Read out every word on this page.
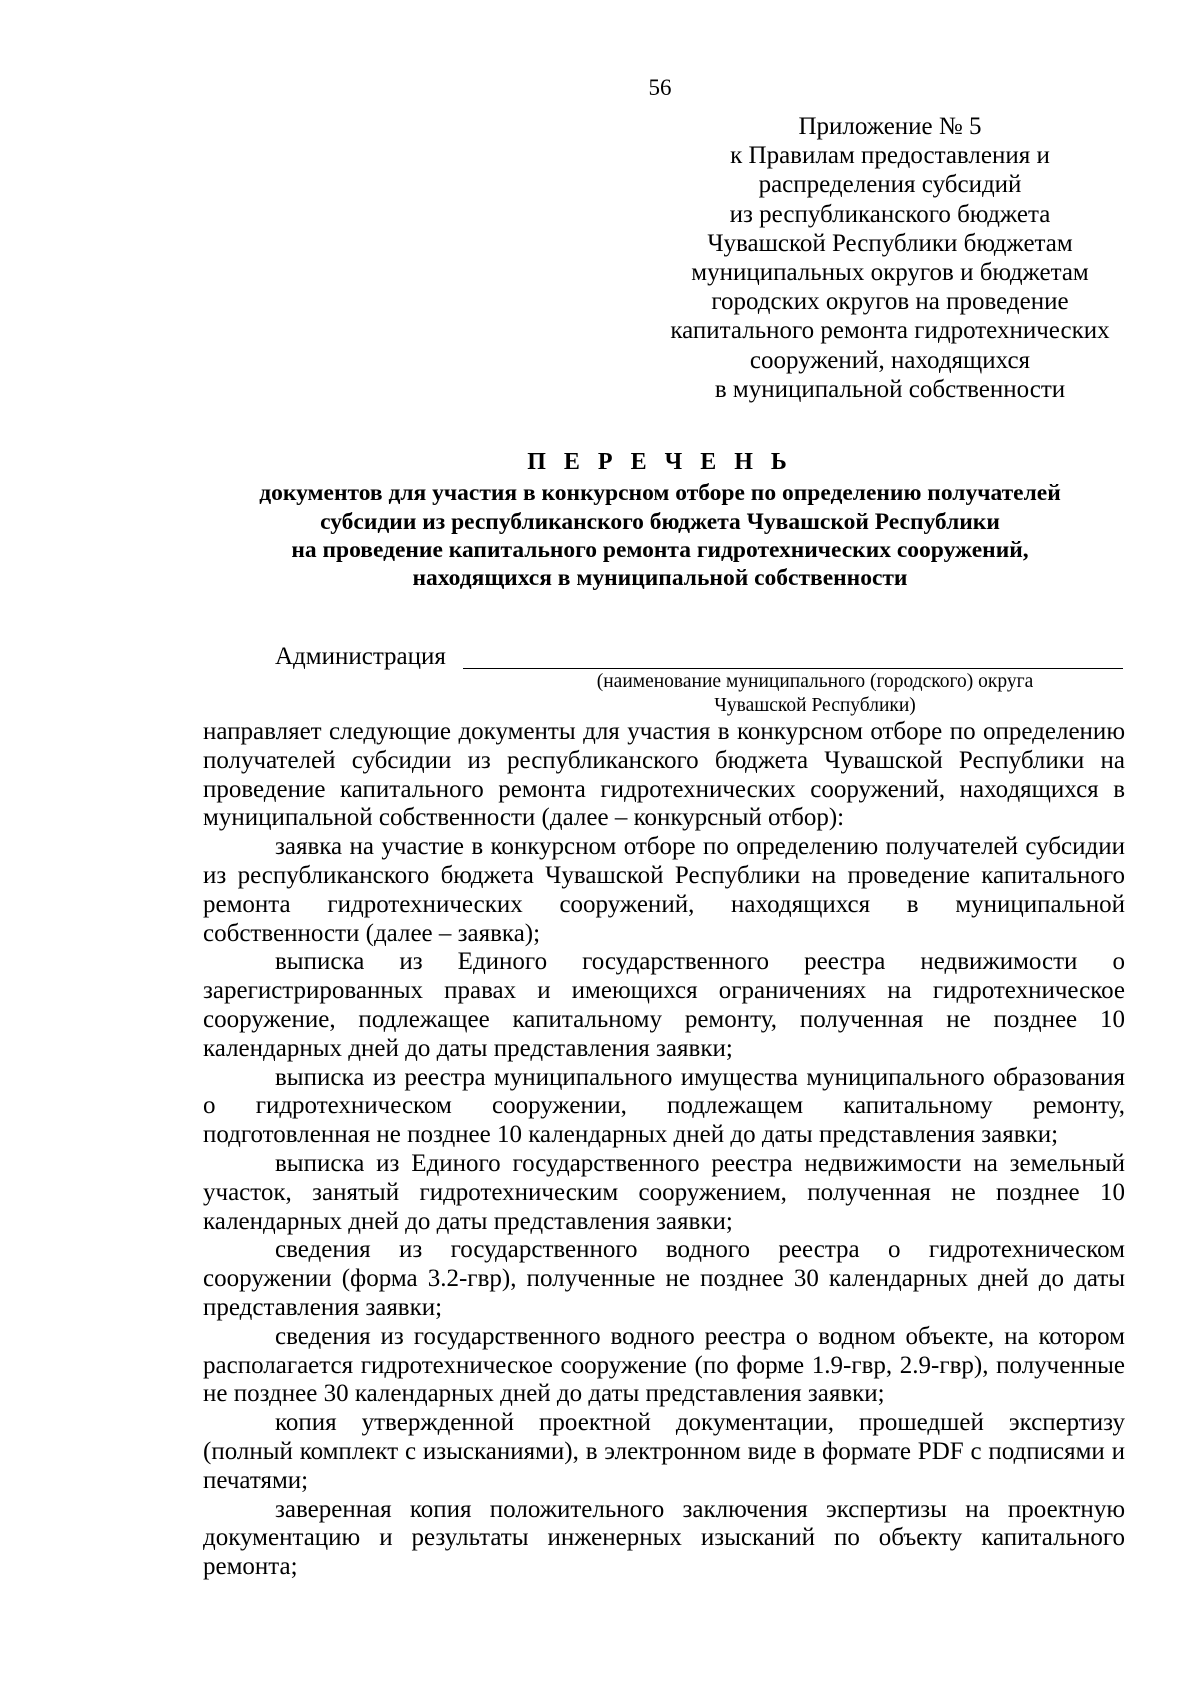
56
Приложение № 5
к Правилам предоставления и
распределения субсидий
из республиканского бюджета
Чувашской Республики бюджетам
муниципальных округов и бюджетам
городских округов на проведение
капитального ремонта гидротехнических
сооружений, находящихся
в муниципальной собственности
П Е Р Е Ч Е Н Ь
документов для участия в конкурсном отборе по определению получателей
субсидии из республиканского бюджета Чувашской Республики
на проведение капитального ремонта гидротехнических сооружений,
находящихся в муниципальной собственности
Администрация
(наименование муниципального (городского) округа
Чувашской Республики)

направляет следующие документы для участия в конкурсном отборе по определению получателей субсидии из республиканского бюджета Чувашской Республики на проведение капитального ремонта гидротехнических сооружений, находящихся в муниципальной собственности (далее – конкурсный отбор):

заявка на участие в конкурсном отборе по определению получателей субсидии из республиканского бюджета Чувашской Республики на проведение капитального ремонта гидротехнических сооружений, находящихся в муниципальной собственности (далее – заявка);

выписка из Единого государственного реестра недвижимости о зарегистрированных правах и имеющихся ограничениях на гидротехническое сооружение, подлежащее капитальному ремонту, полученная не позднее 10 календарных дней до даты представления заявки;

выписка из реестра муниципального имущества муниципального образования о гидротехническом сооружении, подлежащем капитальному ремонту, подготовленная не позднее 10 календарных дней до даты представления заявки;

выписка из Единого государственного реестра недвижимости на земельный участок, занятый гидротехническим сооружением, полученная не позднее 10 календарных дней до даты представления заявки;

сведения из государственного водного реестра о гидротехническом сооружении (форма 3.2-гвр), полученные не позднее 30 календарных дней до даты представления заявки;

сведения из государственного водного реестра о водном объекте, на котором располагается гидротехническое сооружение (по форме 1.9-гвр, 2.9-гвр), полученные не позднее 30 календарных дней до даты представления заявки;

копия утвержденной проектной документации, прошедшей экспертизу (полный комплект с изысканиями), в электронном виде в формате PDF с подписями и печатями;

заверенная копия положительного заключения экспертизы на проектную документацию и результаты инженерных изысканий по объекту капитального ремонта;
